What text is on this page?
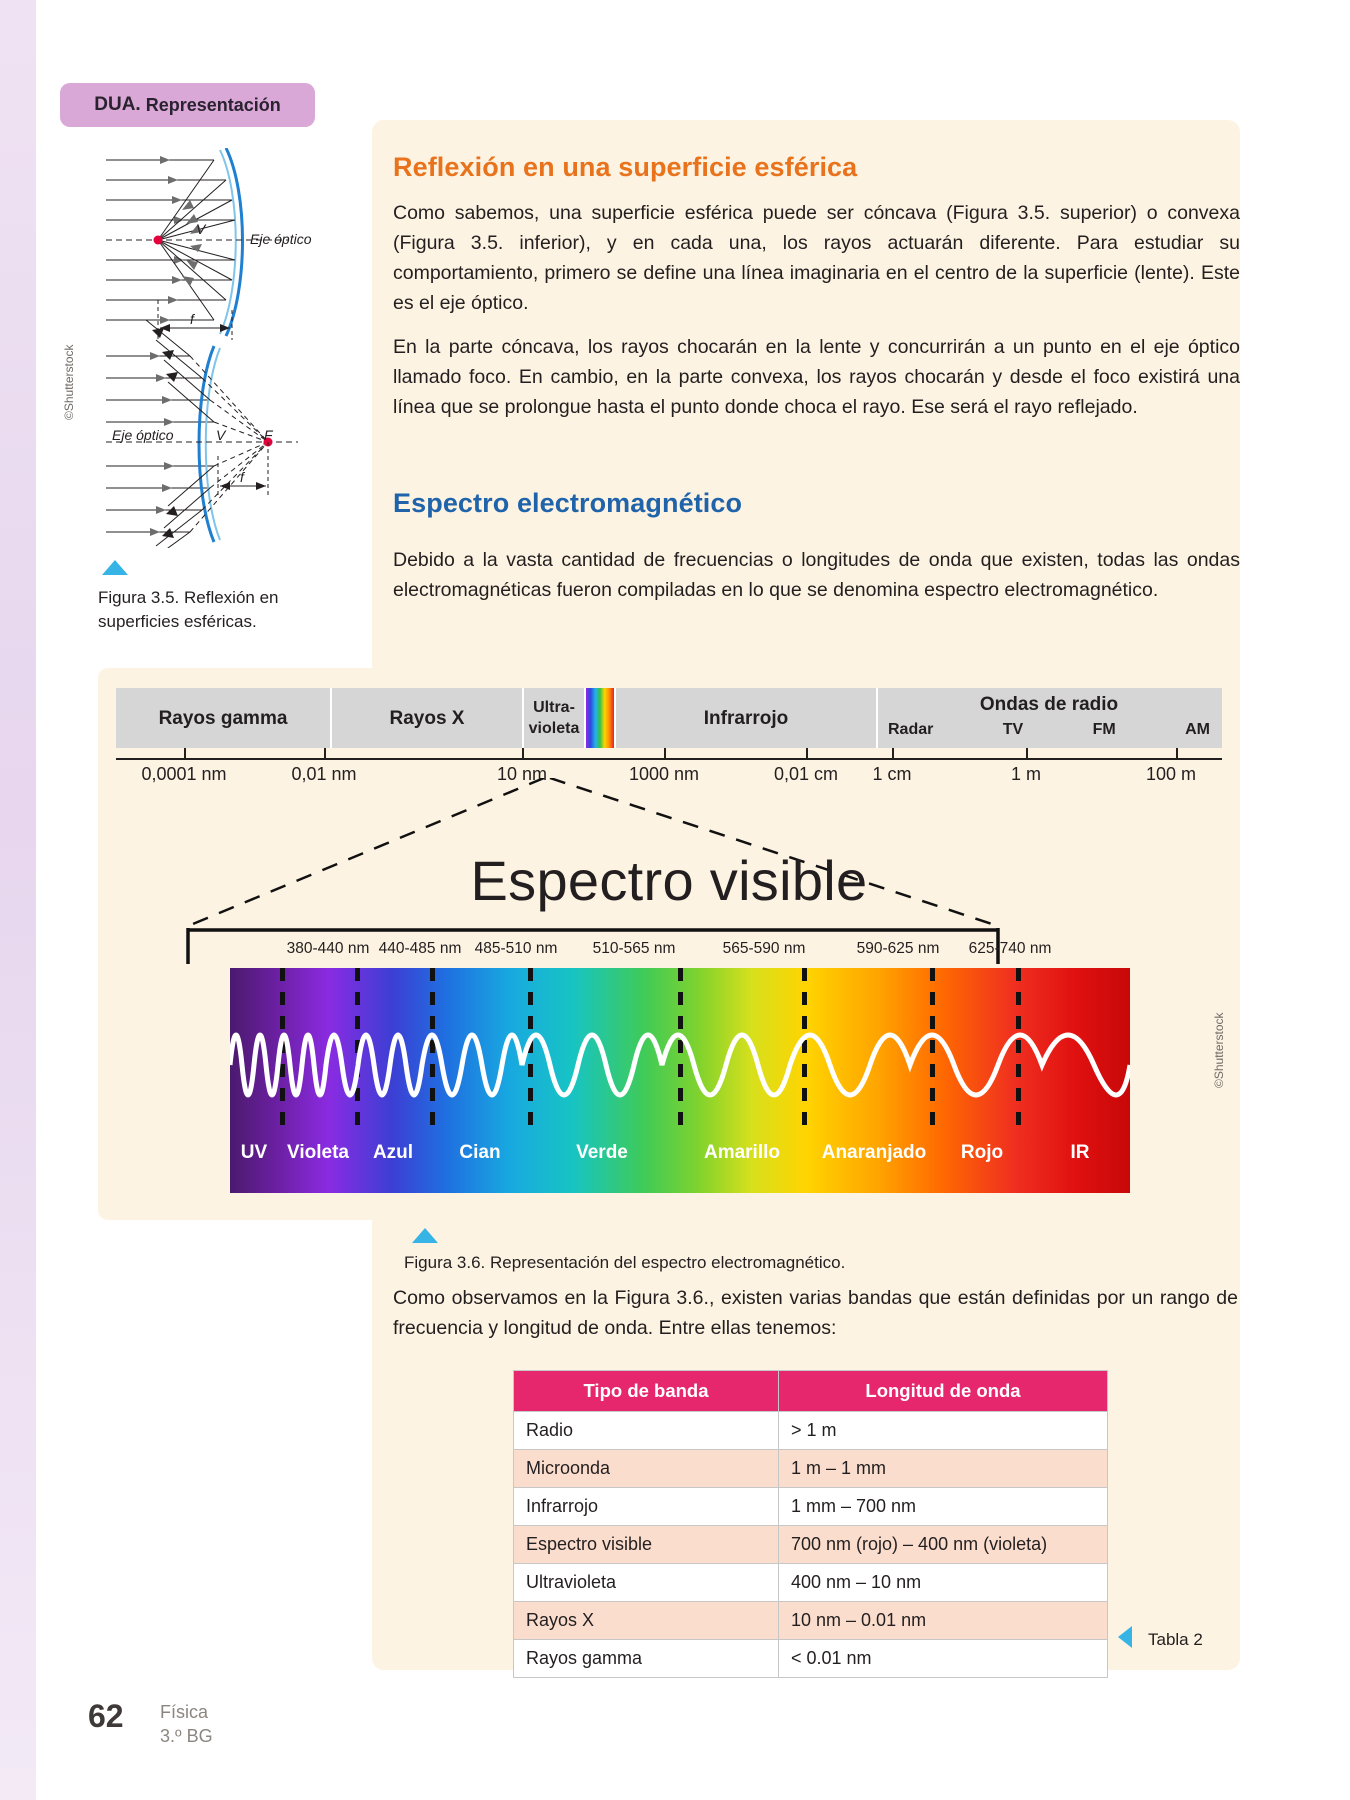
DUA. Representación
V
Eje óptico
f
V	F
Eje óptico
f
©Shutterstock
Figura 3.5. Reflexión en superficies esféricas.
Reflexión en una superficie esférica

Como sabemos, una superficie esférica puede ser cóncava (Figura 3.5. superior) o convexa (Figura 3.5. inferior), y en cada una, los rayos actuarán diferente. Para estudiar su comportamiento, primero se define una línea imaginaria en el centro de la superficie (lente). Este es el eje óptico.

En la parte cóncava, los rayos chocarán en la lente y concurrirán a un punto en el eje óptico llamado foco. En cambio, en la parte convexa, los rayos chocarán y desde el foco existirá una línea que se prolongue hasta el punto donde choca el rayo. Ese será el rayo reflejado.

Espectro electromagnético

Debido a la vasta cantidad de frecuencias o longitudes de onda que existen, todas las ondas electromagnéticas fueron compiladas en lo que se denomina espectro electromagnético.

Rayos gamma	Rayos X	Ultra-violeta	Infrarrojo
Ondas de radio
Radar	TV	FM	AM
0,0001 nm	0,01 nm	10 nm	1000 nm	0,01 cm 1 cm	1 m	100 m
Espectro visible
380-440 nm 440-485 nm 485-510 nm 510-565 nm	565-590 nm	590-625 nm 625-740 nm
UV Violeta Azul Cian	Verde	Amarillo Anaranjado Rojo	IR
©Shutterstock
Figura 3.6. Representación del espectro electromagnético.

Como observamos en la Figura 3.6., existen varias bandas que están definidas por un rango de frecuencia y longitud de onda. Entre ellas tenemos:

Tipo de banda	Longitud de onda
Radio	> 1 m
Microonda	1 m – 1 mm
Infrarrojo	1 mm – 700 nm
Espectro visible	700 nm (rojo) – 400 nm (violeta)
Ultravioleta	400 nm – 10 nm
Rayos X	10 nm – 0.01 nm
Rayos gamma	< 0.01 nm
Tabla 2
62 Física
3.º BG
